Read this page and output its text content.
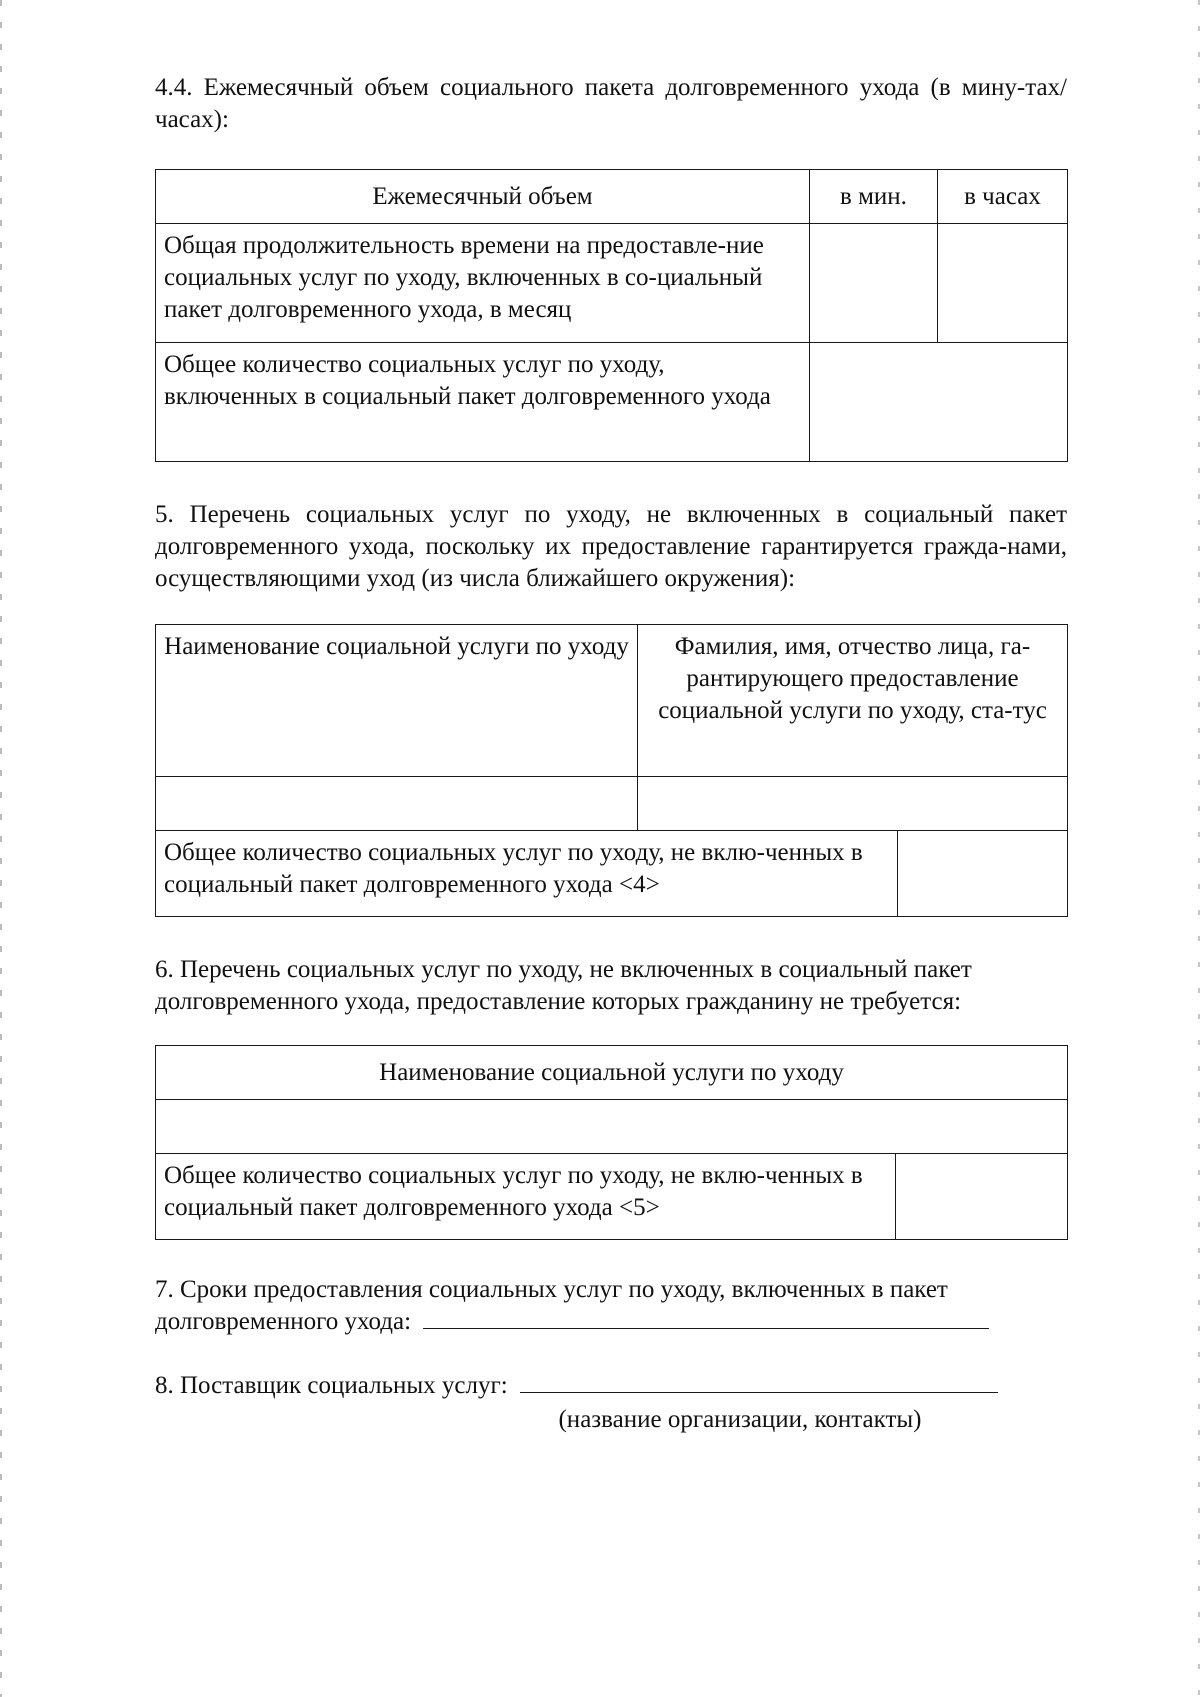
4.4. Ежемесячный объем социального пакета долговременного ухода (в мину-тах/часах):
Ежемесячный объем	в мин.	в часах
Общая продолжительность времени на предоставле-ние социальных услуг по уходу, включенных в со-циальный пакет долговременного ухода, в месяц		
Общее количество социальных услуг по уходу, включенных в социальный пакет долговременного ухода		
5. Перечень социальных услуг по уходу, не включенных в социальный пакет долговременного ухода, поскольку их предоставление гарантируется гражда-нами, осуществляющими уход (из числа ближайшего окружения):
Наименование социальной услуги по уходу	Фамилия, имя, отчество лица, га-рантирующего предоставление социальной услуги по уходу, ста-тус	

Общее количество социальных услуг по уходу, не вклю-ченных в социальный пакет долговременного ухода <4>		
6. Перечень социальных услуг по уходу, не включенных в социальный пакет долговременного ухода, предоставление которых гражданину не требуется:
Наименование социальной услуги по уходу

Общее количество социальных услуг по уходу, не вклю-ченных в социальный пакет долговременного ухода <5>	
7. Сроки предоставления социальных услуг по уходу, включенных в пакет долговременного ухода:
8. Поставщик социальных услуг:
(название организации, контакты)
